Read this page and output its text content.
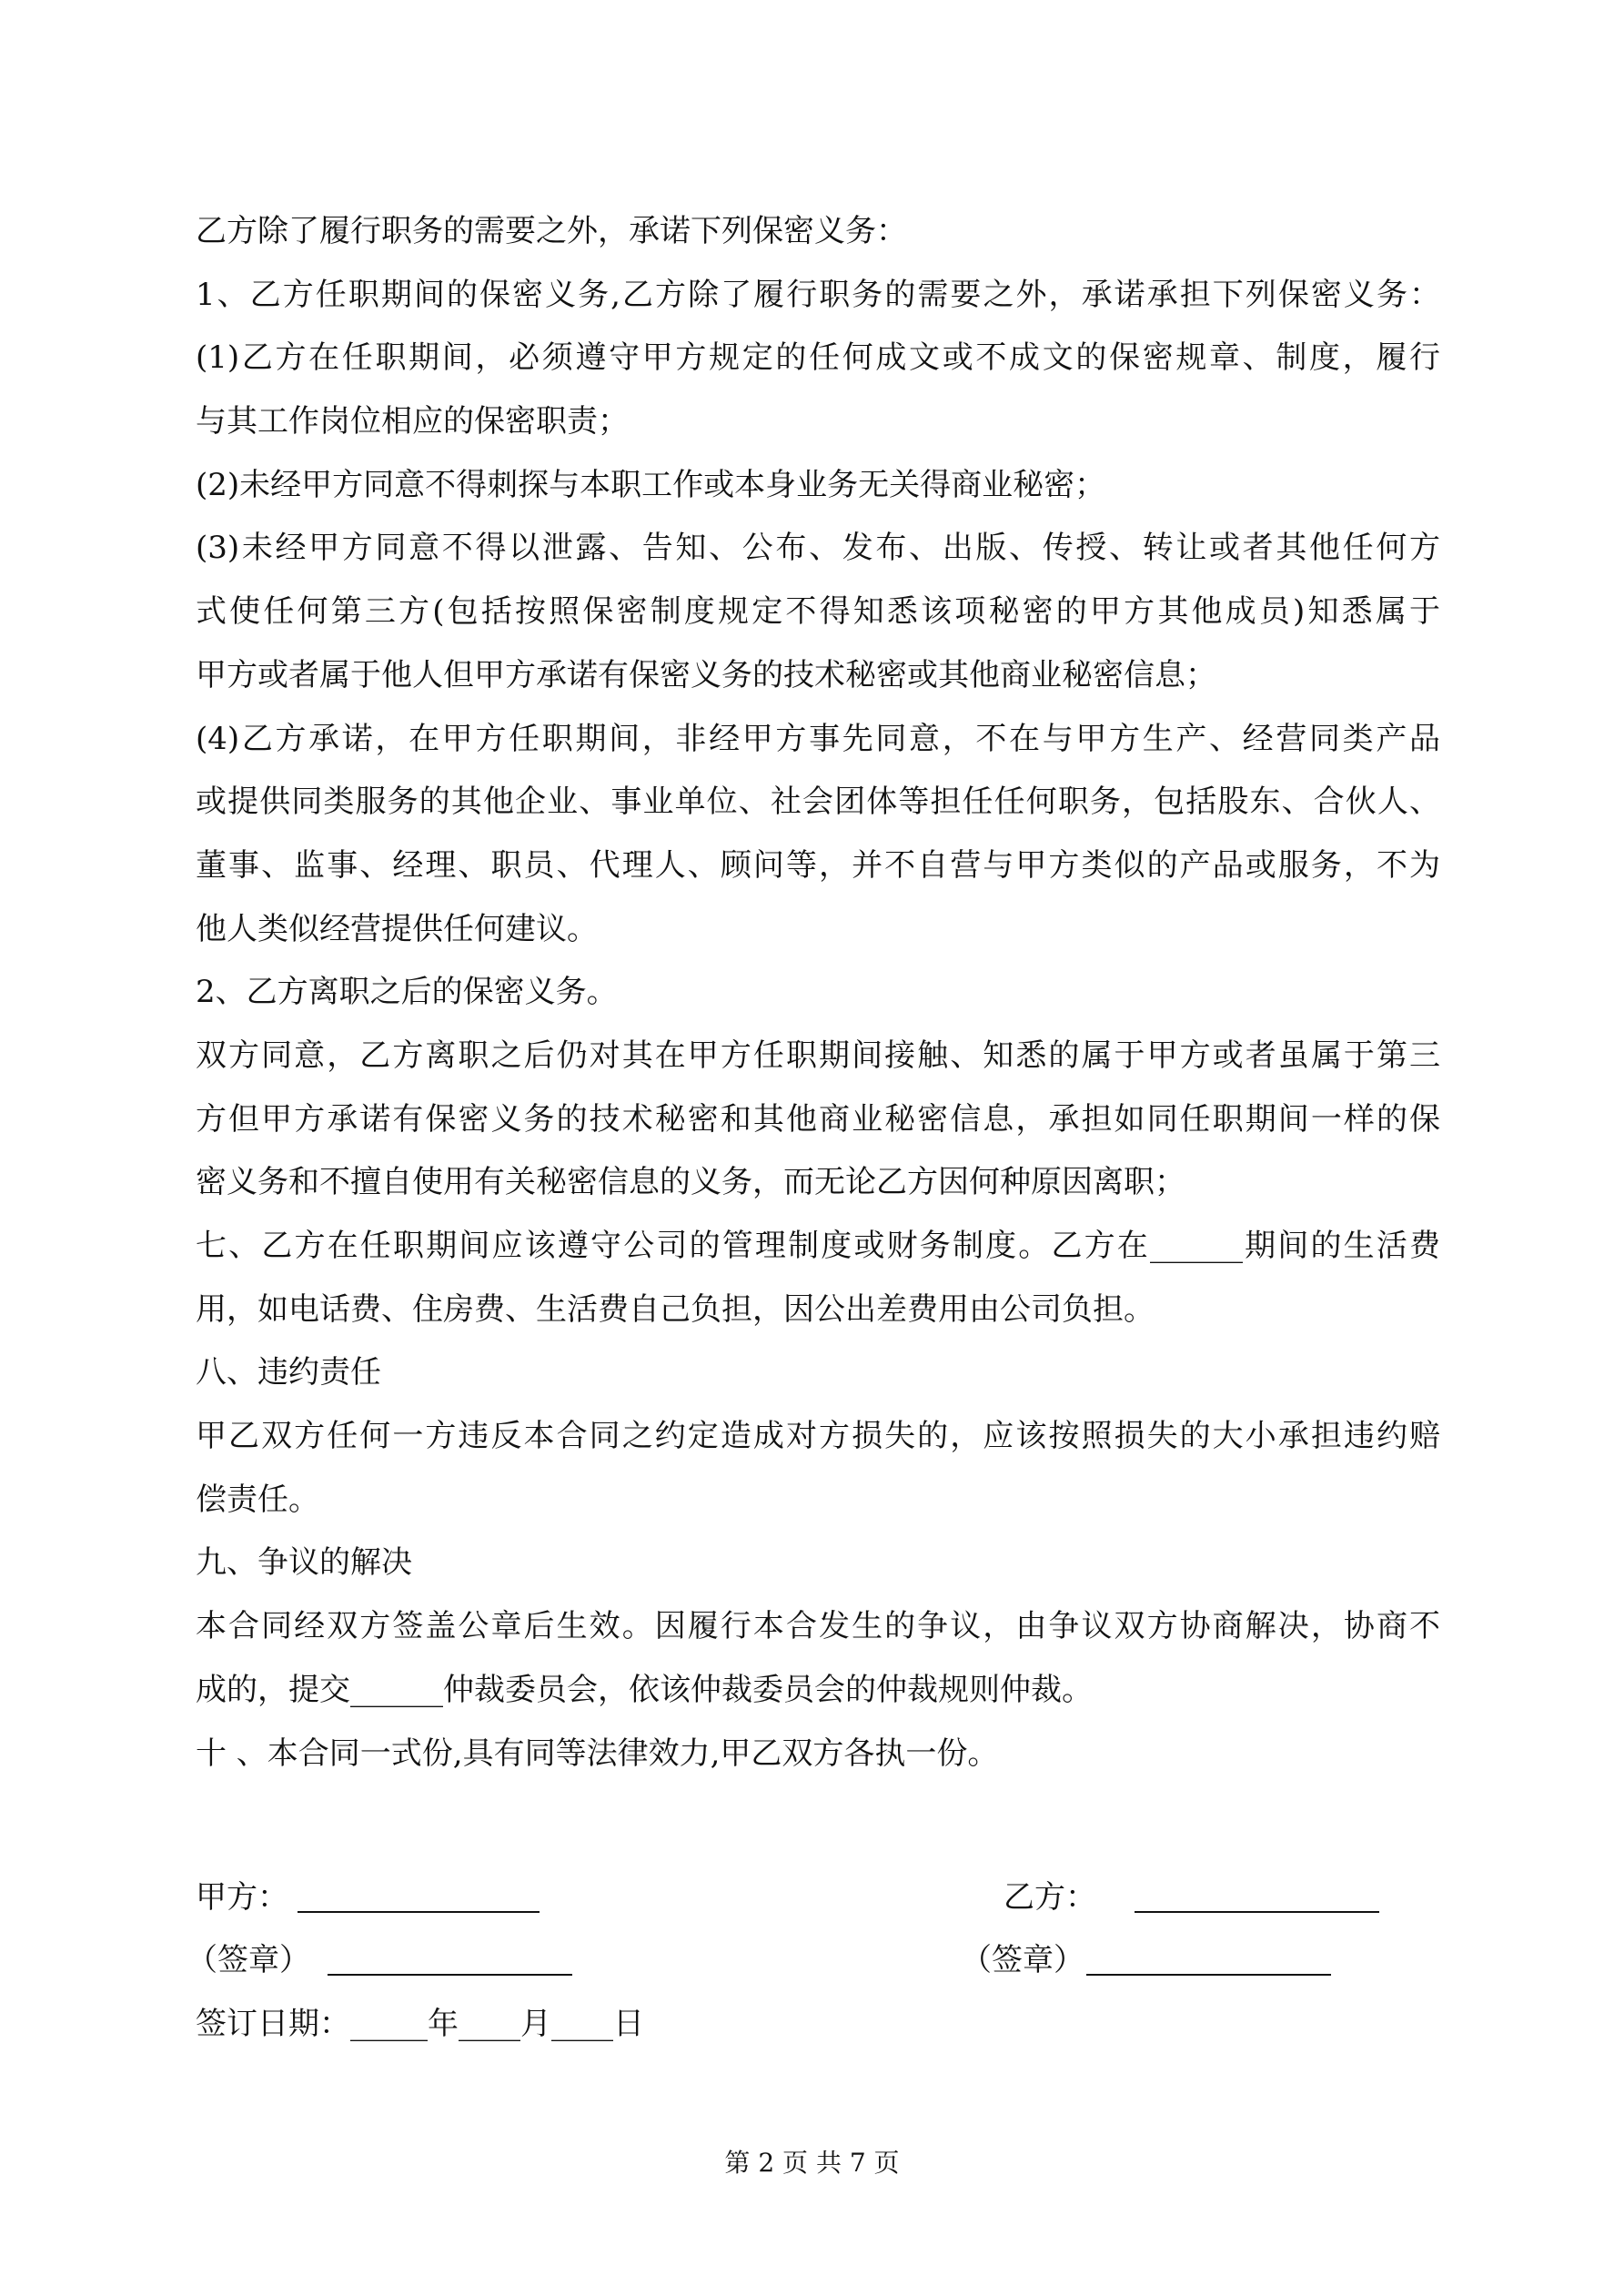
乙方除了履行职务的需要之外，承诺下列保密义务：
1、乙方任职期间的保密义务,乙方除了履行职务的需要之外，承诺承担下列保密义务：
(1)乙方在任职期间，必须遵守甲方规定的任何成文或不成文的保密规章、制度，履行
与其工作岗位相应的保密职责；
(2)未经甲方同意不得刺探与本职工作或本身业务无关得商业秘密；
(3)未经甲方同意不得以泄露、告知、公布、发布、出版、传授、转让或者其他任何方
式使任何第三方(包括按照保密制度规定不得知悉该项秘密的甲方其他成员)知悉属于
甲方或者属于他人但甲方承诺有保密义务的技术秘密或其他商业秘密信息；
(4)乙方承诺，在甲方任职期间，非经甲方事先同意，不在与甲方生产、经营同类产品
或提供同类服务的其他企业、事业单位、社会团体等担任任何职务，包括股东、合伙人、
董事、监事、经理、职员、代理人、顾问等，并不自营与甲方类似的产品或服务，不为
他人类似经营提供任何建议。
2、乙方离职之后的保密义务。
双方同意，乙方离职之后仍对其在甲方任职期间接触、知悉的属于甲方或者虽属于第三
方但甲方承诺有保密义务的技术秘密和其他商业秘密信息，承担如同任职期间一样的保
密义务和不擅自使用有关秘密信息的义务，而无论乙方因何种原因离职；
七、乙方在任职期间应该遵守公司的管理制度或财务制度。乙方在______期间的生活费
用，如电话费、住房费、生活费自己负担，因公出差费用由公司负担。
八、违约责任
甲乙双方任何一方违反本合同之约定造成对方损失的，应该按照损失的大小承担违约赔
偿责任。
九、争议的解决
本合同经双方签盖公章后生效。因履行本合发生的争议，由争议双方协商解决，协商不
成的，提交______仲裁委员会，依该仲裁委员会的仲裁规则仲裁。
十 、本合同一式份,具有同等法律效力,甲乙双方各执一份。
甲方：	乙方：
（签章）	（签章）
签订日期：_____年____月____日
第 2 页 共 7 页
